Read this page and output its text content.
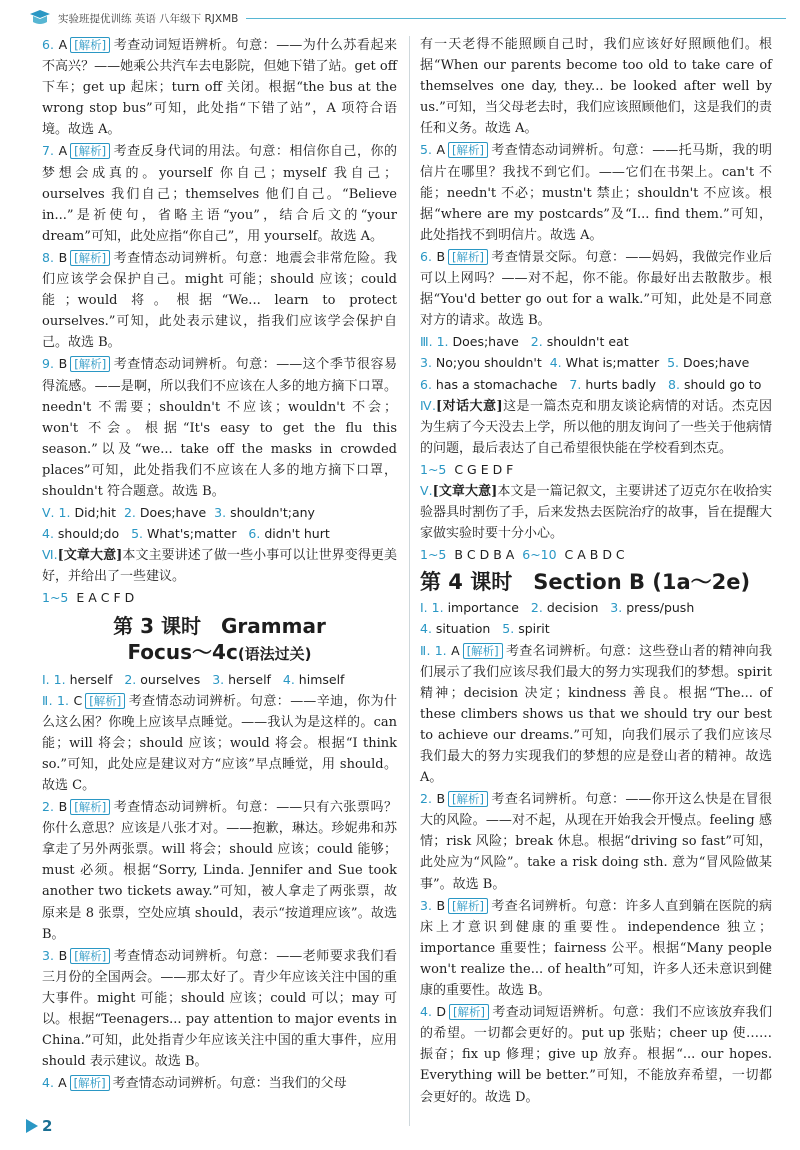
实验班提优训练 英语 八年级下 RJXMB
6. A [解析] 考查动词短语辨析。句意：——为什么苏看起来不高兴？——她乘公共汽车去电影院，但她下错了站。get off 下车；get up 起床；turn off 关闭。根据“the bus at the wrong stop bus”可知，此处指“下错了站”，A 项符合语境。故选 A。
7. A [解析] 考查反身代词的用法。句意：相信你自己，你的梦想会成真的。yourself 你自己；myself 我自己；ourselves 我们自己；themselves 他们自己。“Believe in...”是祈使句，省略主语“you”，结合后文的“your dream”可知，此处应指“你自己”，用 yourself。故选 A。
8. B [解析] 考查情态动词辨析。句意：地震会非常危险。我们应该学会保护自己。might 可能；should 应该；could 能；would 将。根据“We... learn to protect ourselves.”可知，此处表示建议，指我们应该学会保护自己。故选 B。
9. B [解析] 考查情态动词辨析。句意：——这个季节很容易得流感。——是啊，所以我们不应该在人多的地方摘下口罩。needn't 不需要；shouldn't 不应该；wouldn't 不会；won't 不会。根据“It's easy to get the flu this season.”以及“we... take off the masks in crowded places”可知，此处指我们不应该在人多的地方摘下口罩，shouldn't 符合题意。故选 B。
Ⅴ. 1. Did;hit 2. Does;have 3. shouldn't;any
4. should;do 5. What's;matter 6. didn't hurt
Ⅵ.[文章大意]本文主要讲述了做一些小事可以让世界变得更美好，并给出了一些建议。
1~5 E A C F D
第 3 课时　Grammar
Focus～4c(语法过关)
Ⅰ. 1. herself 2. ourselves 3. herself 4. himself
Ⅱ. 1. C [解析] 考查情态动词辨析。句意：——辛迪，你为什么这么困？你晚上应该早点睡觉。——我认为是这样的。can 能；will 将会；should 应该；would 将会。根据“I think so.”可知，此处应是建议对方“应该”早点睡觉，用 should。故选 C。
2. B [解析] 考查情态动词辨析。句意：——只有六张票吗？你什么意思？应该是八张才对。——抱歉，琳达。珍妮弗和苏拿走了另外两张票。will 将会；should 应该；could 能够；must 必须。根据“Sorry, Linda. Jennifer and Sue took another two tickets away.”可知，被人拿走了两张票，故原来是 8 张票，空处应填 should，表示“按道理应该”。故选 B。
3. B [解析] 考查情态动词辨析。句意：——老师要求我们看三月份的全国两会。——那太好了。青少年应该关注中国的重大事件。might 可能；should 应该；could 可以；may 可以。根据“Teenagers... pay attention to major events in China.”可知，此处指青少年应该关注中国的重大事件，应用 should 表示建议。故选 B。
4. A [解析] 考查情态动词辨析。句意：当我们的父母
有一天老得不能照顾自己时，我们应该好好照顾他们。根据“When our parents become too old to take care of themselves one day, they... be looked after well by us.”可知，当父母老去时，我们应该照顾他们，这是我们的责任和义务。故选 A。
5. A [解析] 考查情态动词辨析。句意：——托马斯，我的明信片在哪里？我找不到它们。——它们在书架上。can't 不能；needn't 不必；mustn't 禁止；shouldn't 不应该。根据“where are my postcards”及“I... find them.”可知，此处指找不到明信片。故选 A。
6. B [解析] 考查情景交际。句意：——妈妈，我做完作业后可以上网吗？——对不起，你不能。你最好出去散散步。根据“You'd better go out for a walk.”可知，此处是不同意对方的请求。故选 B。
Ⅲ. 1. Does;have 2. shouldn't eat
3. No;you shouldn't 4. What is;matter 5. Does;have
6. has a stomachache 7. hurts badly 8. should go to
Ⅳ.[对话大意]这是一篇杰克和朋友谈论病情的对话。杰克因为生病了今天没去上学，所以他的朋友询问了一些关于他病情的问题，最后表达了自己希望很快能在学校看到杰克。
1~5 C G E D F
Ⅴ.[文章大意]本文是一篇记叙文，主要讲述了迈克尔在收拾实验器具时割伤了手，后来发热去医院治疗的故事，旨在提醒大家做实验时要十分小心。
1~5 B C D B A 6~10 C A B D C
第 4 课时　Section B (1a～2e)
Ⅰ. 1. importance 2. decision 3. press/push
4. situation 5. spirit
Ⅱ. 1. A [解析] 考查名词辨析。句意：这些登山者的精神向我们展示了我们应该尽我们最大的努力实现我们的梦想。spirit 精神；decision 决定；kindness 善良。根据“The... of these climbers shows us that we should try our best to achieve our dreams.”可知，向我们展示了我们应该尽我们最大的努力实现我们的梦想的应是登山者的精神。故选 A。
2. B [解析] 考查名词辨析。句意：——你开这么快是在冒很大的风险。——对不起，从现在开始我会开慢点。feeling 感情；risk 风险；break 休息。根据“driving so fast”可知，此处应为“风险”。take a risk doing sth. 意为“冒风险做某事”。故选 B。
3. B [解析] 考查名词辨析。句意：许多人直到躺在医院的病床上才意识到健康的重要性。independence 独立；importance 重要性；fairness 公平。根据“Many people won't realize the... of health”可知，许多人还未意识到健康的重要性。故选 B。
4. D [解析] 考查动词短语辨析。句意：我们不应该放弃我们的希望。一切都会更好的。put up 张贴；cheer up 使……振奋；fix up 修理；give up 放弃。根据“... our hopes. Everything will be better.”可知，不能放弃希望，一切都会更好的。故选 D。
2
